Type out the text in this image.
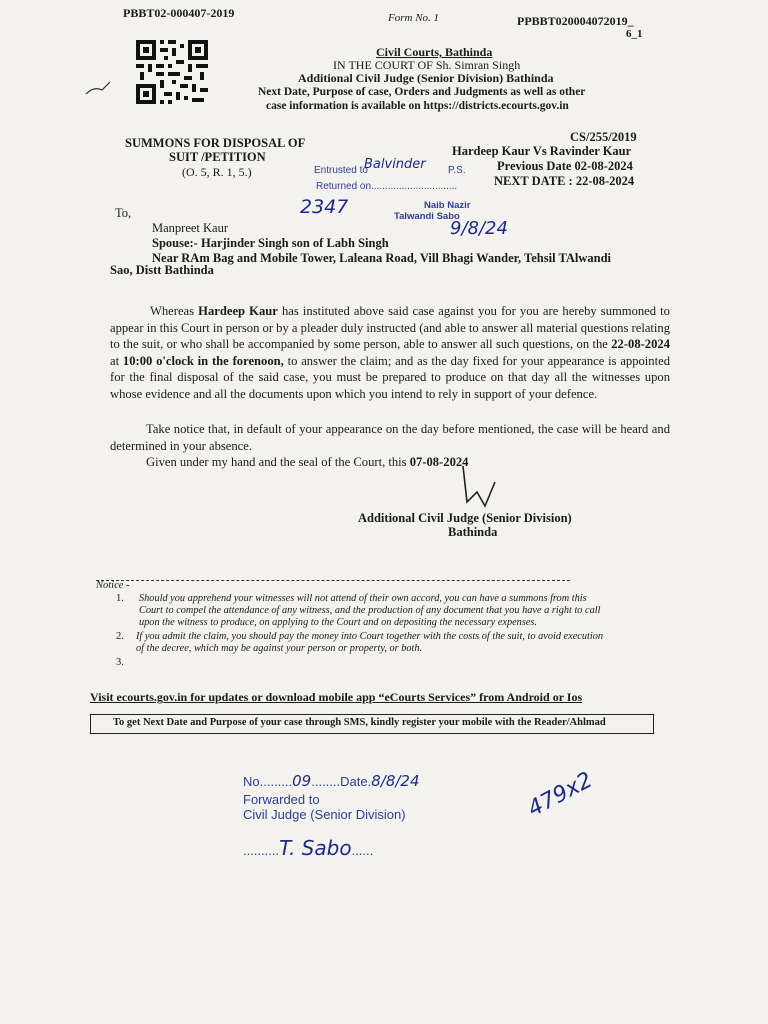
PBBT02-000407-2019	Form No. 1	PPBBT020004072019_
6_1
Civil Courts, Bathinda
IN THE COURT OF Sh. Simran Singh
Additional Civil Judge (Senior Division) Bathinda
Next Date, Purpose of case, Orders and Judgments as well as other
case information is available on https://districts.ecourts.gov.in
SUMMONS FOR DISPOSAL OF
SUIT /PETITION
(O. 5, R. 1, 5.)	Entrusted to
Balvinder P.S.
Returned on...............................
CS/255/2019
Hardeep Kaur Vs Ravinder Kaur
Previous Date 02-08-2024
NEXT DATE : 22-08-2024
2347	Naib Nazir
Talwandi Sabo
9/8/24
To,
Manpreet Kaur
Spouse:- Harjinder Singh son of Labh Singh
Near RAm Bag and Mobile Tower, Laleana Road, Vill Bhagi Wander, Tehsil TAlwandi
Sao, Distt Bathinda
Whereas Hardeep Kaur has instituted above said case against you for you are hereby summoned to appear in this Court in person or by a pleader duly instructed (and able to answer all material questions relating to the suit, or who shall be accompanied by some person, able to answer all such questions, on the 22-08-2024 at 10:00 o'clock in the forenoon, to answer the claim; and as the day fixed for your appearance is appointed for the final disposal of the said case, you must be prepared to produce on that day all the witnesses upon whose evidence and all the documents upon which you intend to rely in support of your defence.
Take notice that, in default of your appearance on the day before mentioned, the case will be heard and determined in your absence.
Given under my hand and the seal of the Court, this 07-08-2024
Additional Civil Judge (Senior Division)
Bathinda
Notice -
1. Should you apprehend your witnesses will not attend of their own accord, you can have a summons from this
Court to compel the attendance of any witness, and the production of any document that you have a right to call
upon the witness to produce, on applying to the Court and on depositing the necessary expenses.
2. If you admit the claim, you should pay the money into Court together with the costs of the suit, to avoid execution
of the decree, which may be against your person or property, or both.
3.
Visit ecourts.gov.in for updates or download mobile app “eCourts Services” from Android or Ios
To get Next Date and Purpose of your case through SMS, kindly register your mobile with the Reader/Ahlmad
No.........09........Date.8/8/24
Forwarded to
Civil Judge (Senior Division)
..........T. Sabo......
479x2
